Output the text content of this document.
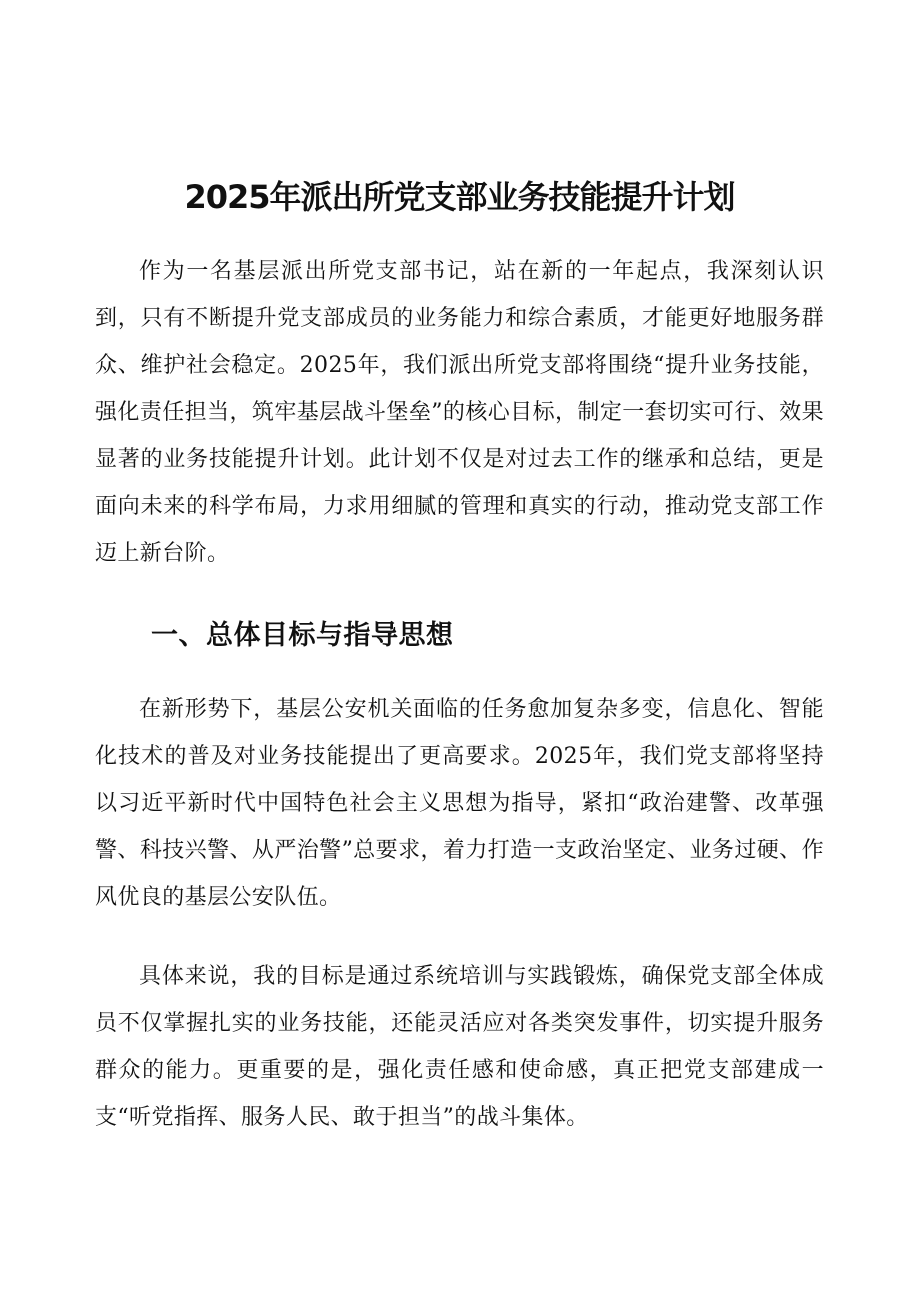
2025年派出所党支部业务技能提升计划

作为一名基层派出所党支部书记，站在新的一年起点，我深刻认识到，只有不断提升党支部成员的业务能力和综合素质，才能更好地服务群众、维护社会稳定。2025年，我们派出所党支部将围绕“提升业务技能，强化责任担当，筑牢基层战斗堡垒”的核心目标，制定一套切实可行、效果显著的业务技能提升计划。此计划不仅是对过去工作的继承和总结，更是面向未来的科学布局，力求用细腻的管理和真实的行动，推动党支部工作迈上新台阶。

一、总体目标与指导思想

在新形势下，基层公安机关面临的任务愈加复杂多变，信息化、智能化技术的普及对业务技能提出了更高要求。2025年，我们党支部将坚持以习近平新时代中国特色社会主义思想为指导，紧扣“政治建警、改革强警、科技兴警、从严治警”总要求，着力打造一支政治坚定、业务过硬、作风优良的基层公安队伍。

具体来说，我的目标是通过系统培训与实践锻炼，确保党支部全体成员不仅掌握扎实的业务技能，还能灵活应对各类突发事件，切实提升服务群众的能力。更重要的是，强化责任感和使命感，真正把党支部建成一支“听党指挥、服务人民、敢于担当”的战斗集体。
